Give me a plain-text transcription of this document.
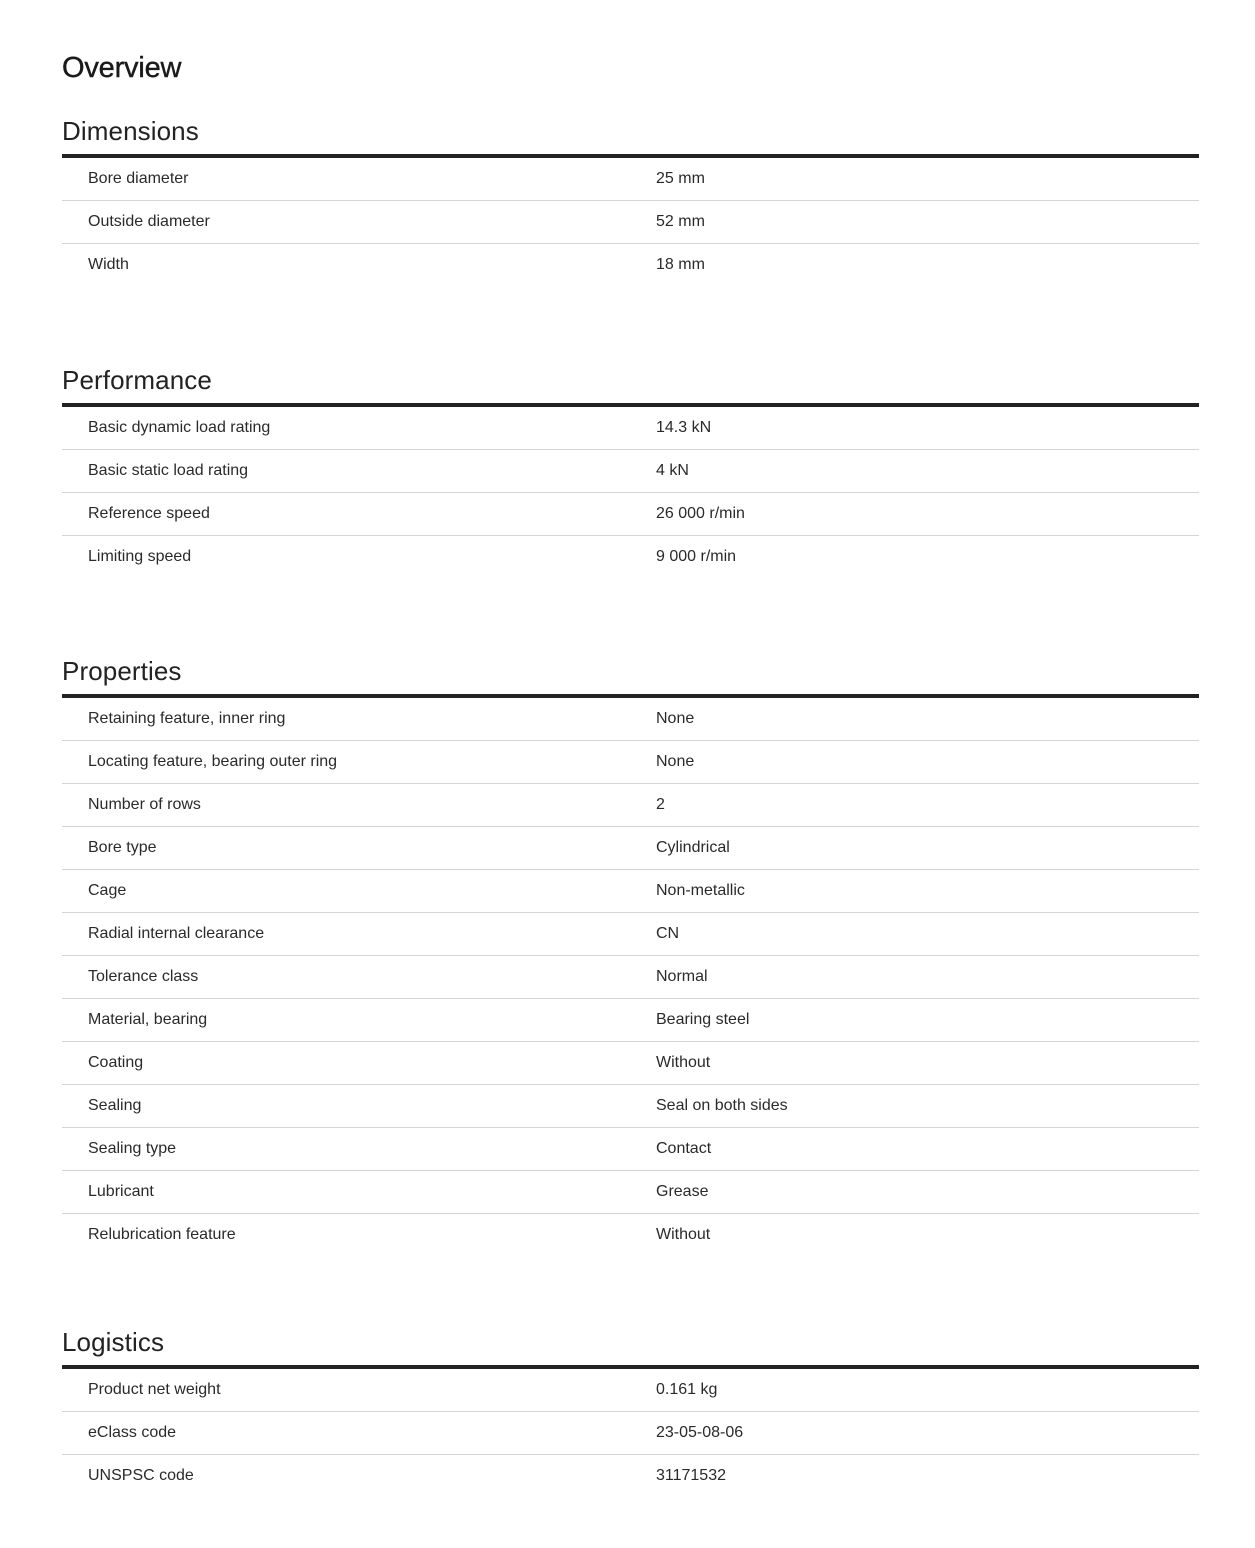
Overview
Dimensions
Bore diameter	25 mm
Outside diameter	52 mm
Width	18 mm
Performance
Basic dynamic load rating	14.3 kN
Basic static load rating	4 kN
Reference speed	26 000 r/min
Limiting speed	9 000 r/min
Properties
Retaining feature, inner ring	None
Locating feature, bearing outer ring	None
Number of rows	2
Bore type	Cylindrical
Cage	Non-metallic
Radial internal clearance	CN
Tolerance class	Normal
Material, bearing	Bearing steel
Coating	Without
Sealing	Seal on both sides
Sealing type	Contact
Lubricant	Grease
Relubrication feature	Without
Logistics
Product net weight	0.161 kg
eClass code	23-05-08-06
UNSPSC code	31171532
